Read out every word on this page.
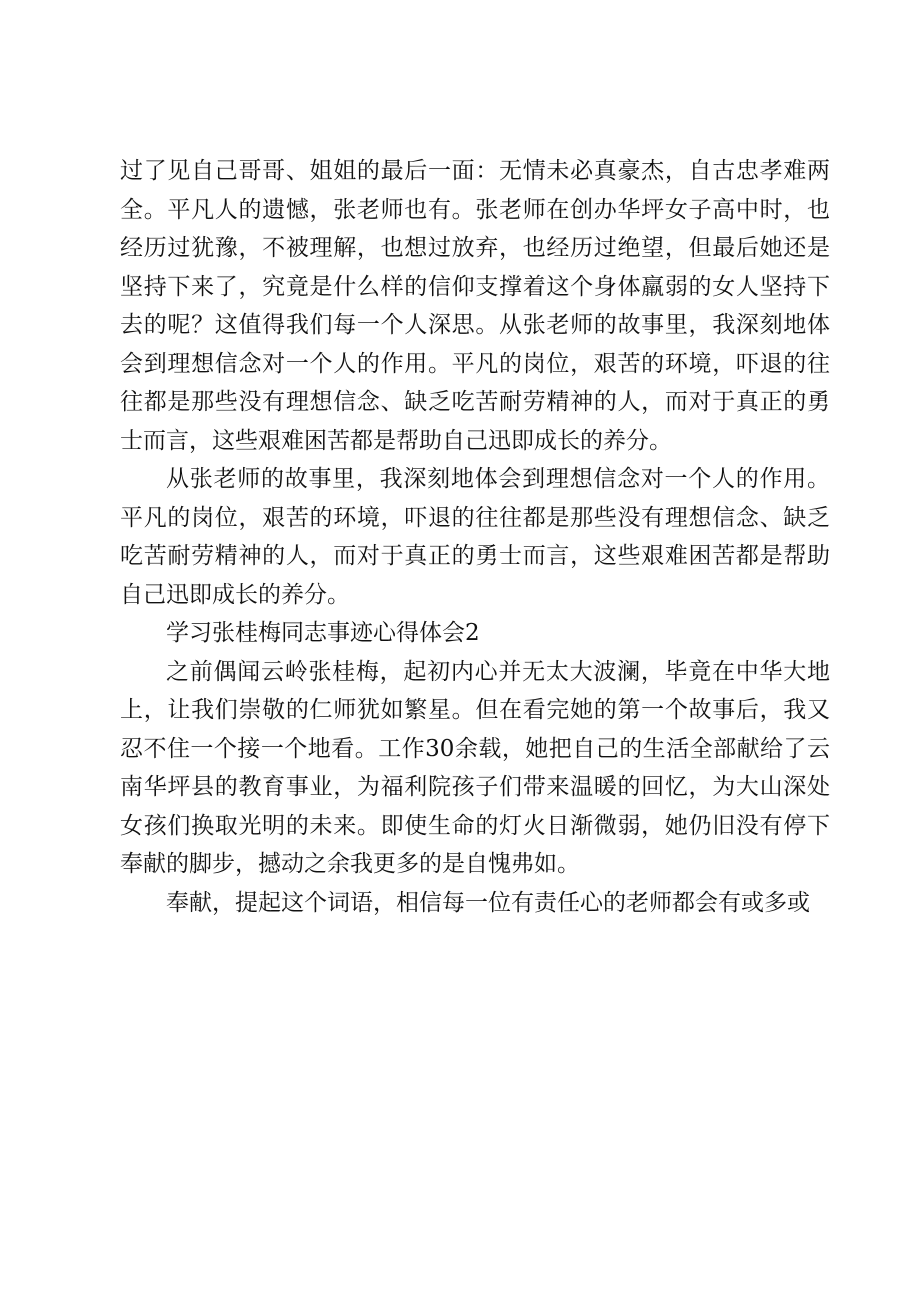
过了见自己哥哥、姐姐的最后一面：无情未必真豪杰，自古忠孝难两全。平凡人的遗憾，张老师也有。张老师在创办华坪女子高中时，也经历过犹豫，不被理解，也想过放弃，也经历过绝望，但最后她还是坚持下来了，究竟是什么样的信仰支撑着这个身体羸弱的女人坚持下去的呢？这值得我们每一个人深思。从张老师的故事里，我深刻地体会到理想信念对一个人的作用。平凡的岗位，艰苦的环境，吓退的往往都是那些没有理想信念、缺乏吃苦耐劳精神的人，而对于真正的勇士而言，这些艰难困苦都是帮助自己迅即成长的养分。

从张老师的故事里，我深刻地体会到理想信念对一个人的作用。平凡的岗位，艰苦的环境，吓退的往往都是那些没有理想信念、缺乏吃苦耐劳精神的人，而对于真正的勇士而言，这些艰难困苦都是帮助自己迅即成长的养分。

学习张桂梅同志事迹心得体会2

之前偶闻云岭张桂梅，起初内心并无太大波澜，毕竟在中华大地上，让我们崇敬的仁师犹如繁星。但在看完她的第一个故事后，我又忍不住一个接一个地看。工作30余载，她把自己的生活全部献给了云南华坪县的教育事业，为福利院孩子们带来温暖的回忆，为大山深处女孩们换取光明的未来。即使生命的灯火日渐微弱，她仍旧没有停下奉献的脚步，撼动之余我更多的是自愧弗如。

奉献，提起这个词语，相信每一位有责任心的老师都会有或多或
